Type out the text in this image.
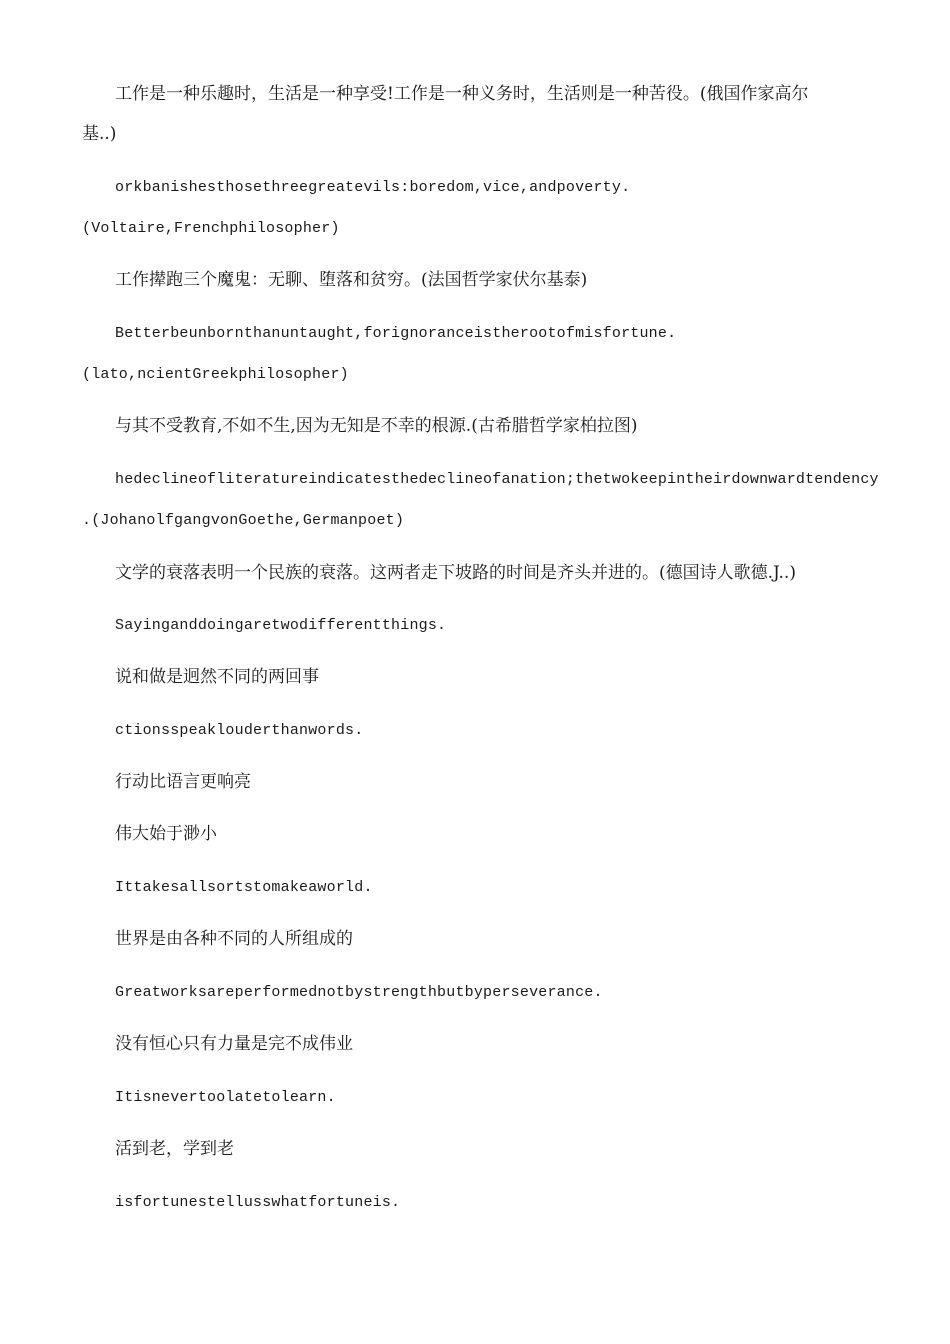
工作是一种乐趣时，生活是一种享受!工作是一种义务时，生活则是一种苦役。(俄国作家高尔
基..)
orkbanishesthosethreegreatevils:boredom,vice,andpoverty.
(Voltaire,Frenchphilosopher)
工作撵跑三个魔鬼：无聊、堕落和贫穷。(法国哲学家伏尔基泰)
Betterbeunbornthanuntaught,forignoranceistherootofmisfortune.
(lato,ncientGreekphilosopher)
与其不受教育,不如不生,因为无知是不幸的根源.(古希腊哲学家柏拉图)
hedeclineofliteratureindicatesthedeclineofanation;thetwokeepintheirdownwardtendency
.(JohanolfgangvonGoethe,Germanpoet)
文学的衰落表明一个民族的衰落。这两者走下坡路的时间是齐头并进的。(德国诗人歌德.J..)
Sayinganddoingaretwodifferentthings.
说和做是迥然不同的两回事
ctionsspeaklouderthanwords.
行动比语言更响亮
伟大始于渺小
Ittakesallsortstomakeaworld.
世界是由各种不同的人所组成的
Greatworksareperformednotbystrengthbutbyperseverance.
没有恒心只有力量是完不成伟业
Itisnevertoolatetolearn.
活到老，学到老
isfortunestellusswhatfortuneis.
